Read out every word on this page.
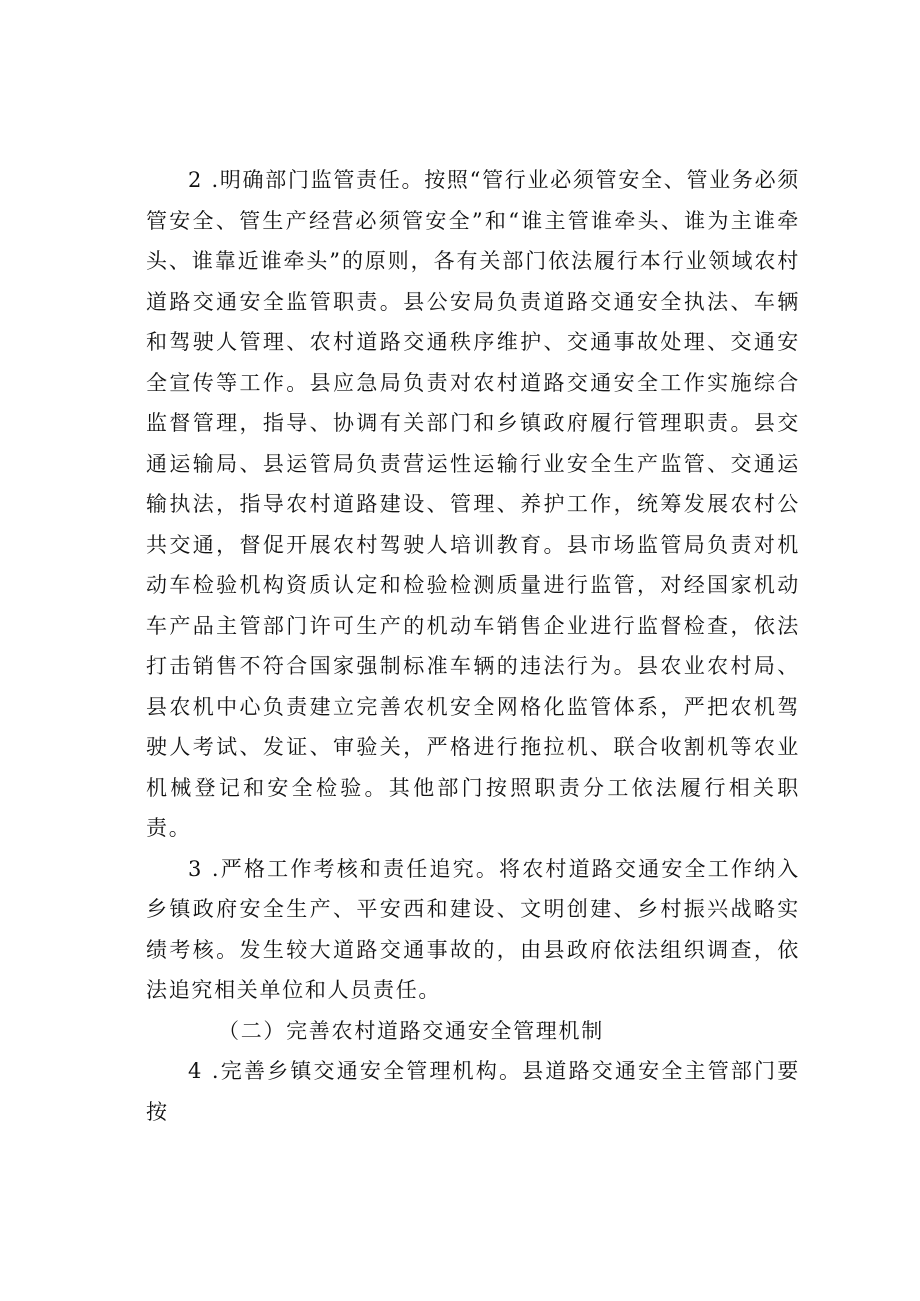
2 .明确部门监管责任。按照“管行业必须管安全、管业务必须管安全、管生产经营必须管安全”和“谁主管谁牵头、谁为主谁牵头、谁靠近谁牵头”的原则，各有关部门依法履行本行业领域农村道路交通安全监管职责。县公安局负责道路交通安全执法、车辆和驾驶人管理、农村道路交通秩序维护、交通事故处理、交通安全宣传等工作。县应急局负责对农村道路交通安全工作实施综合监督管理，指导、协调有关部门和乡镇政府履行管理职责。县交通运输局、县运管局负责营运性运输行业安全生产监管、交通运输执法，指导农村道路建设、管理、养护工作，统筹发展农村公共交通，督促开展农村驾驶人培训教育。县市场监管局负责对机动车检验机构资质认定和检验检测质量进行监管，对经国家机动车产品主管部门许可生产的机动车销售企业进行监督检查，依法打击销售不符合国家强制标准车辆的违法行为。县农业农村局、县农机中心负责建立完善农机安全网格化监管体系，严把农机驾驶人考试、发证、审验关，严格进行拖拉机、联合收割机等农业机械登记和安全检验。其他部门按照职责分工依法履行相关职责。

3 .严格工作考核和责任追究。将农村道路交通安全工作纳入乡镇政府安全生产、平安西和建设、文明创建、乡村振兴战略实绩考核。发生较大道路交通事故的，由县政府依法组织调查，依法追究相关单位和人员责任。

（二）完善农村道路交通安全管理机制

4 .完善乡镇交通安全管理机构。县道路交通安全主管部门要按
